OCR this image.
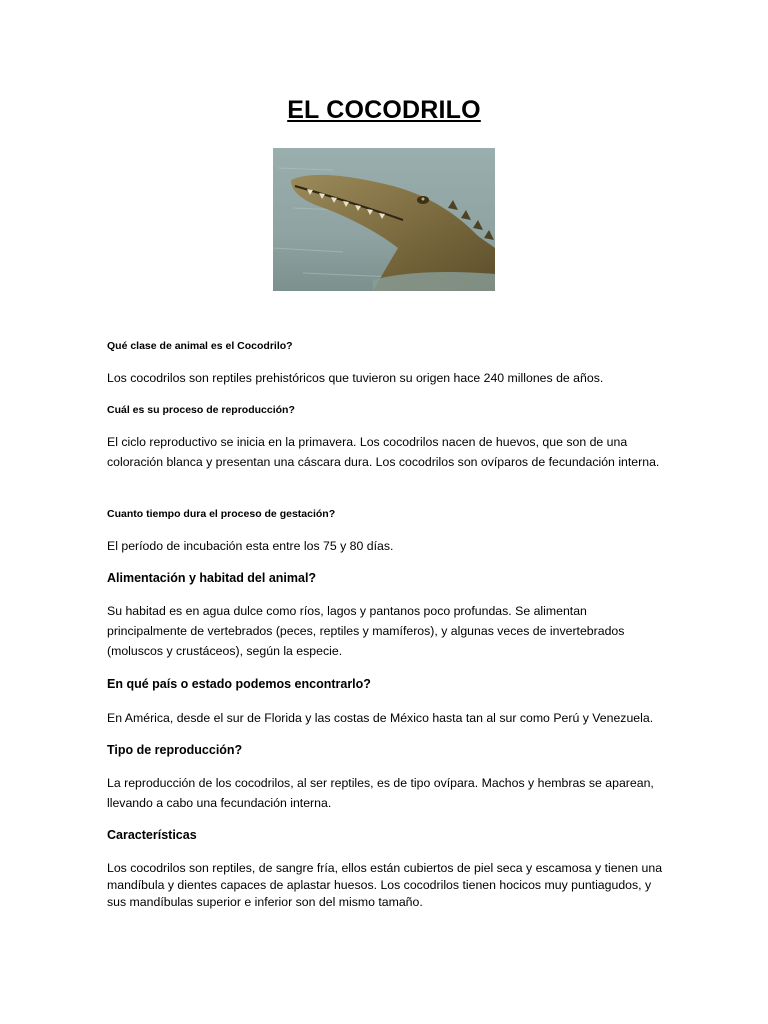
EL COCODRILO
Qué clase de animal es el Cocodrilo?
Los cocodrilos son reptiles prehistóricos que tuvieron su origen hace 240 millones de años.
Cuál es su proceso de reproducción?
El ciclo reproductivo se inicia en la primavera. Los cocodrilos nacen de huevos, que son de una coloración blanca y presentan una cáscara dura. Los cocodrilos son ovíparos de fecundación interna.
Cuanto tiempo dura el proceso de gestación?
El período de incubación esta entre los 75 y 80 días.
Alimentación y habitad del animal?
Su habitad es en agua dulce como ríos, lagos y pantanos poco profundas. Se alimentan principalmente de vertebrados (peces, reptiles y mamíferos), y algunas veces de invertebrados (moluscos y crustáceos), según la especie.
En qué país o estado podemos encontrarlo?
En América, desde el sur de Florida y las costas de México hasta tan al sur como Perú y Venezuela.
Tipo de reproducción?
La reproducción de los cocodrilos, al ser reptiles, es de tipo ovípara. Machos y hembras se aparean, llevando a cabo una fecundación interna.
Características
Los cocodrilos son reptiles, de sangre fría, ellos están cubiertos de piel seca y escamosa y tienen una mandíbula y dientes capaces de aplastar huesos. Los cocodrilos tienen hocicos muy puntiagudos, y sus mandíbulas superior e inferior son del mismo tamaño.
